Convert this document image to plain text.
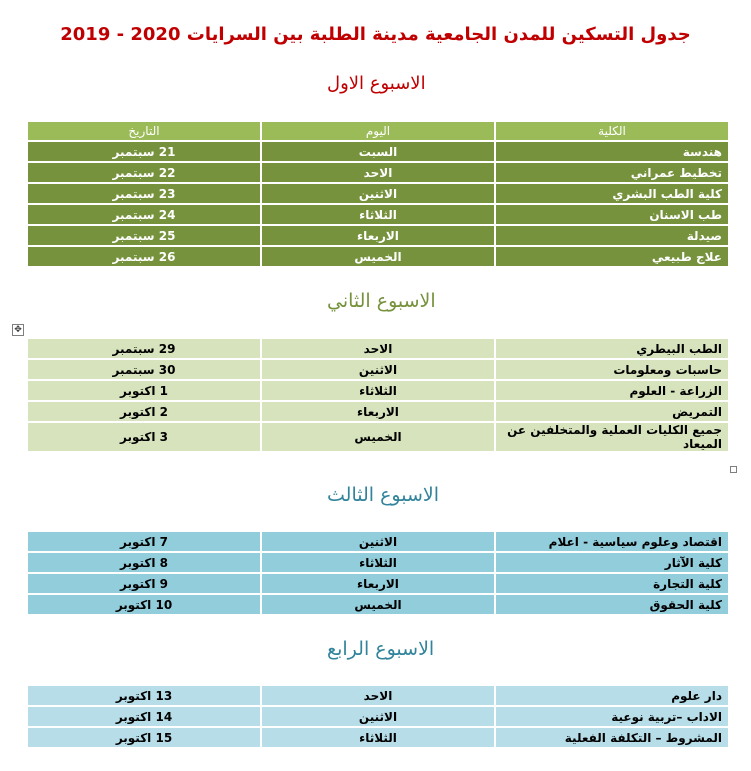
جدول التسكين للمدن الجامعية مدينة الطلبة بين السرايات 2020 - 2019
الاسبوع الاول
الكلية	اليوم	التاريخ
هندسة	السبت	21 سبتمبر
تخطيط عمراني	الاحد	22 سبتمبر
كلية الطب البشري	الاثنين	23 سبتمبر
طب الاسنان	الثلاثاء	24 سبتمبر
صيدلة	الاربعاء	25 سبتمبر
علاج طبيعي	الخميس	26 سبتمبر
✥
الاسبوع الثاني
الطب البيطري	الاحد	29 سبتمبر
حاسبات ومعلومات	الاثنين	30 سبتمبر
الزراعة - العلوم	الثلاثاء	1 اكتوبر
التمريض	الاربعاء	2 اكتوبر
جميع الكليات العملية والمتخلفين عن الميعاد	الخميس	3 اكتوبر
الاسبوع الثالث
اقتصاد وعلوم سياسية - اعلام	الاثنين	7 اكتوبر
كلية الآثار	الثلاثاء	8 اكتوبر
كلية التجارة	الاربعاء	9 اكتوبر
كلية الحقوق	الخميس	10 اكتوبر
الاسبوع الرابع
دار علوم	الاحد	13 اكتوبر
الاداب –تربية نوعية	الاثنين	14 اكتوبر
المشروط – التكلفة الفعلية	الثلاثاء	15 اكتوبر
